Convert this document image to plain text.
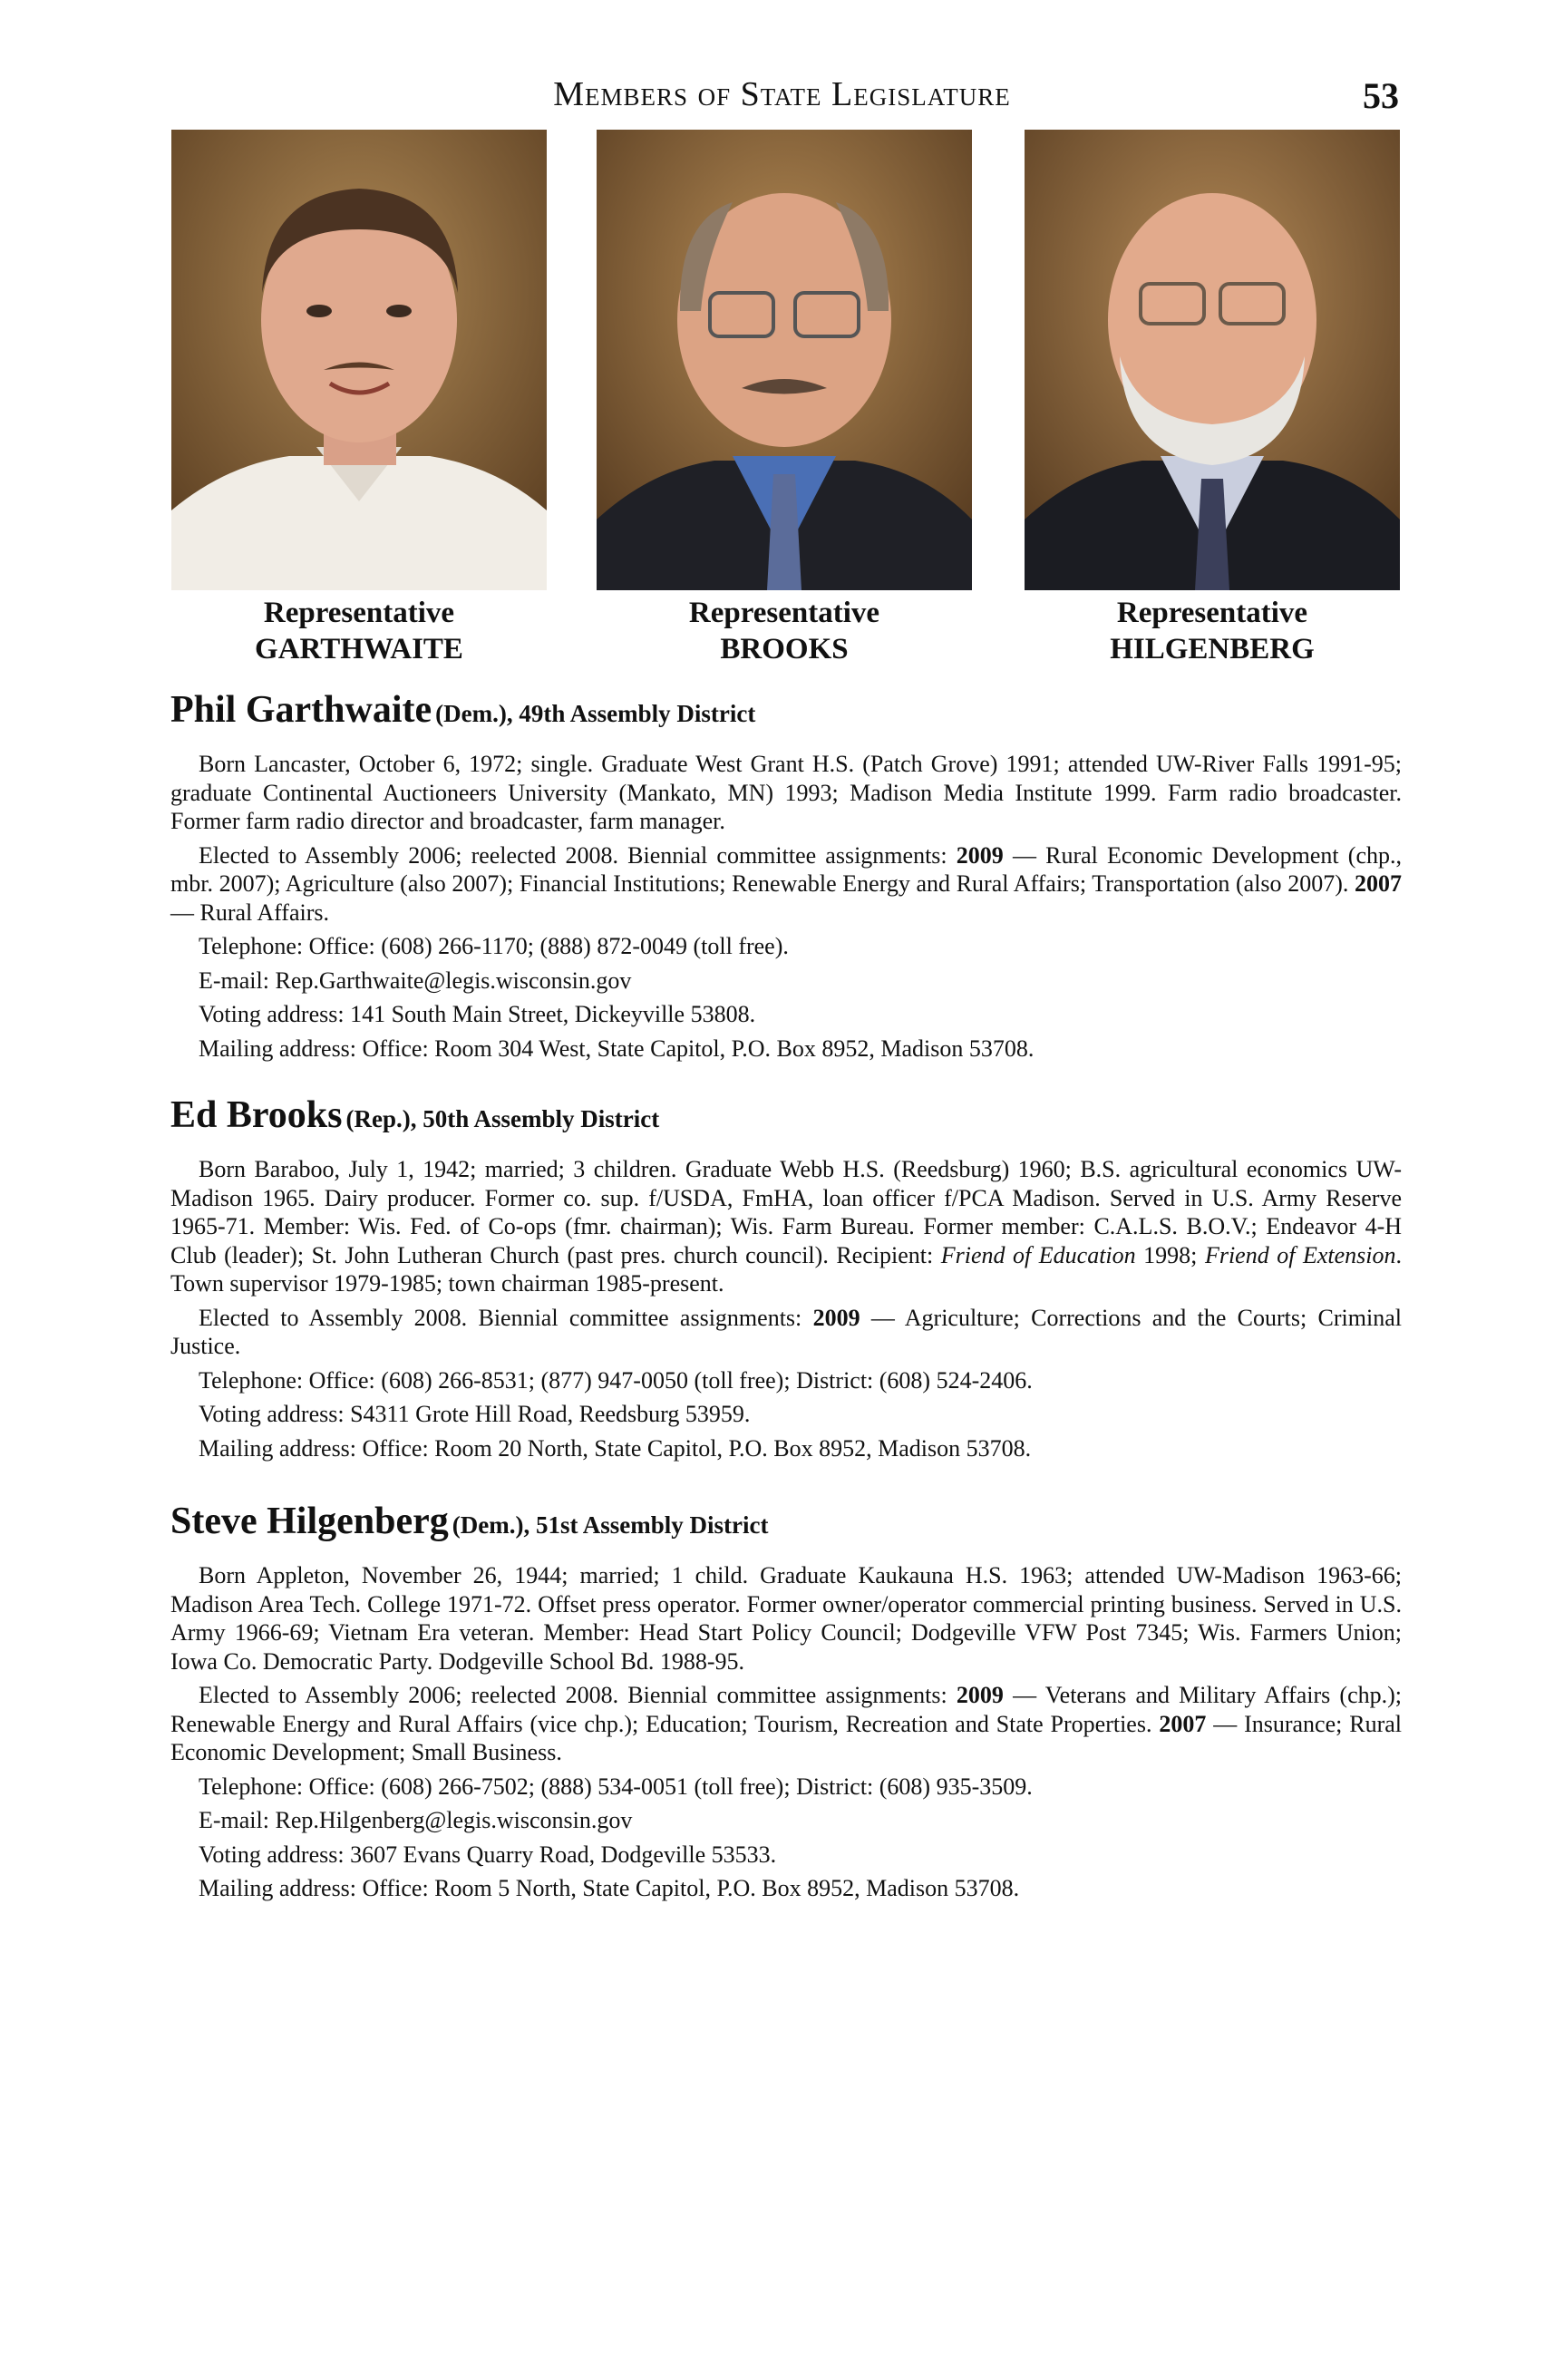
Members of State Legislature	53
Representative
GARTHWAITE
Representative
BROOKS
Representative
HILGENBERG
Phil Garthwaite (Dem.), 49th Assembly District

Born Lancaster, October 6, 1972; single. Graduate West Grant H.S. (Patch Grove) 1991; attended UW-River Falls 1991-95; graduate Continental Auctioneers University (Mankato, MN) 1993; Madison Media Institute 1999. Farm radio broadcaster. Former farm radio director and broadcaster, farm manager.

Elected to Assembly 2006; reelected 2008. Biennial committee assignments: 2009 — Rural Economic Development (chp., mbr. 2007); Agriculture (also 2007); Financial Institutions; Renewable Energy and Rural Affairs; Transportation (also 2007). 2007 — Rural Affairs.

Telephone: Office: (608) 266-1170; (888) 872-0049 (toll free).

E-mail: Rep.Garthwaite@legis.wisconsin.gov

Voting address: 141 South Main Street, Dickeyville 53808.

Mailing address: Office: Room 304 West, State Capitol, P.O. Box 8952, Madison 53708.

Ed Brooks (Rep.), 50th Assembly District

Born Baraboo, July 1, 1942; married; 3 children. Graduate Webb H.S. (Reedsburg) 1960; B.S. agricultural economics UW-Madison 1965. Dairy producer. Former co. sup. f/USDA, FmHA, loan officer f/PCA Madison. Served in U.S. Army Reserve 1965-71. Member: Wis. Fed. of Co-ops (fmr. chairman); Wis. Farm Bureau. Former member: C.A.L.S. B.O.V.; Endeavor 4-H Club (leader); St. John Lutheran Church (past pres. church council). Recipient: Friend of Education 1998; Friend of Extension. Town supervisor 1979-1985; town chairman 1985-present.

Elected to Assembly 2008. Biennial committee assignments: 2009 — Agriculture; Corrections and the Courts; Criminal Justice.

Telephone: Office: (608) 266-8531; (877) 947-0050 (toll free); District: (608) 524-2406.

Voting address: S4311 Grote Hill Road, Reedsburg 53959.

Mailing address: Office: Room 20 North, State Capitol, P.O. Box 8952, Madison 53708.

Steve Hilgenberg (Dem.), 51st Assembly District

Born Appleton, November 26, 1944; married; 1 child. Graduate Kaukauna H.S. 1963; attended UW-Madison 1963-66; Madison Area Tech. College 1971-72. Offset press operator. Former owner/operator commercial printing business. Served in U.S. Army 1966-69; Vietnam Era veteran. Member: Head Start Policy Council; Dodgeville VFW Post 7345; Wis. Farmers Union; Iowa Co. Democratic Party. Dodgeville School Bd. 1988-95.

Elected to Assembly 2006; reelected 2008. Biennial committee assignments: 2009 — Veterans and Military Affairs (chp.); Renewable Energy and Rural Affairs (vice chp.); Education; Tourism, Recreation and State Properties. 2007 — Insurance; Rural Economic Development; Small Business.

Telephone: Office: (608) 266-7502; (888) 534-0051 (toll free); District: (608) 935-3509.

E-mail: Rep.Hilgenberg@legis.wisconsin.gov

Voting address: 3607 Evans Quarry Road, Dodgeville 53533.

Mailing address: Office: Room 5 North, State Capitol, P.O. Box 8952, Madison 53708.
